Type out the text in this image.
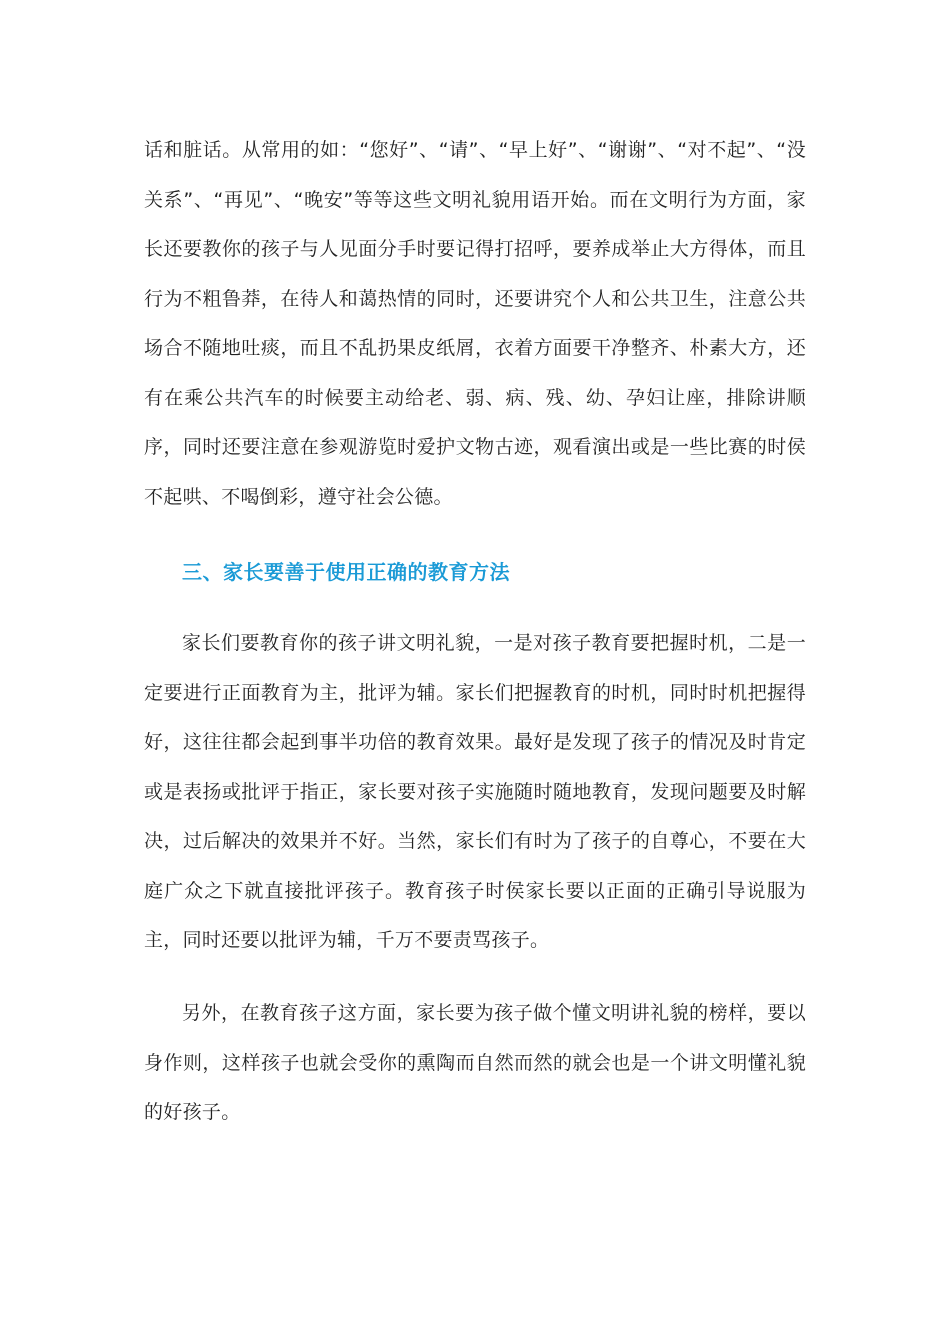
话和脏话。从常用的如：“您好”、“请”、“早上好”、“谢谢”、“对不起”、“没关系”、“再见”、“晚安”等等这些文明礼貌用语开始。而在文明行为方面，家长还要教你的孩子与人见面分手时要记得打招呼，要养成举止大方得体，而且行为不粗鲁莽，在待人和蔼热情的同时，还要讲究个人和公共卫生，注意公共场合不随地吐痰，而且不乱扔果皮纸屑，衣着方面要干净整齐、朴素大方，还有在乘公共汽车的时候要主动给老、弱、病、残、幼、孕妇让座，排除讲顺序，同时还要注意在参观游览时爱护文物古迹，观看演出或是一些比赛的时侯不起哄、不喝倒彩，遵守社会公德。

三、家长要善于使用正确的教育方法

家长们要教育你的孩子讲文明礼貌，一是对孩子教育要把握时机，二是一定要进行正面教育为主，批评为辅。家长们把握教育的时机，同时时机把握得好，这往往都会起到事半功倍的教育效果。最好是发现了孩子的情况及时肯定或是表扬或批评于指正，家长要对孩子实施随时随地教育，发现问题要及时解决，过后解决的效果并不好。当然，家长们有时为了孩子的自尊心，不要在大庭广众之下就直接批评孩子。教育孩子时侯家长要以正面的正确引导说服为主，同时还要以批评为辅，千万不要责骂孩子。

另外，在教育孩子这方面，家长要为孩子做个懂文明讲礼貌的榜样，要以身作则，这样孩子也就会受你的熏陶而自然而然的就会也是一个讲文明懂礼貌的好孩子。
